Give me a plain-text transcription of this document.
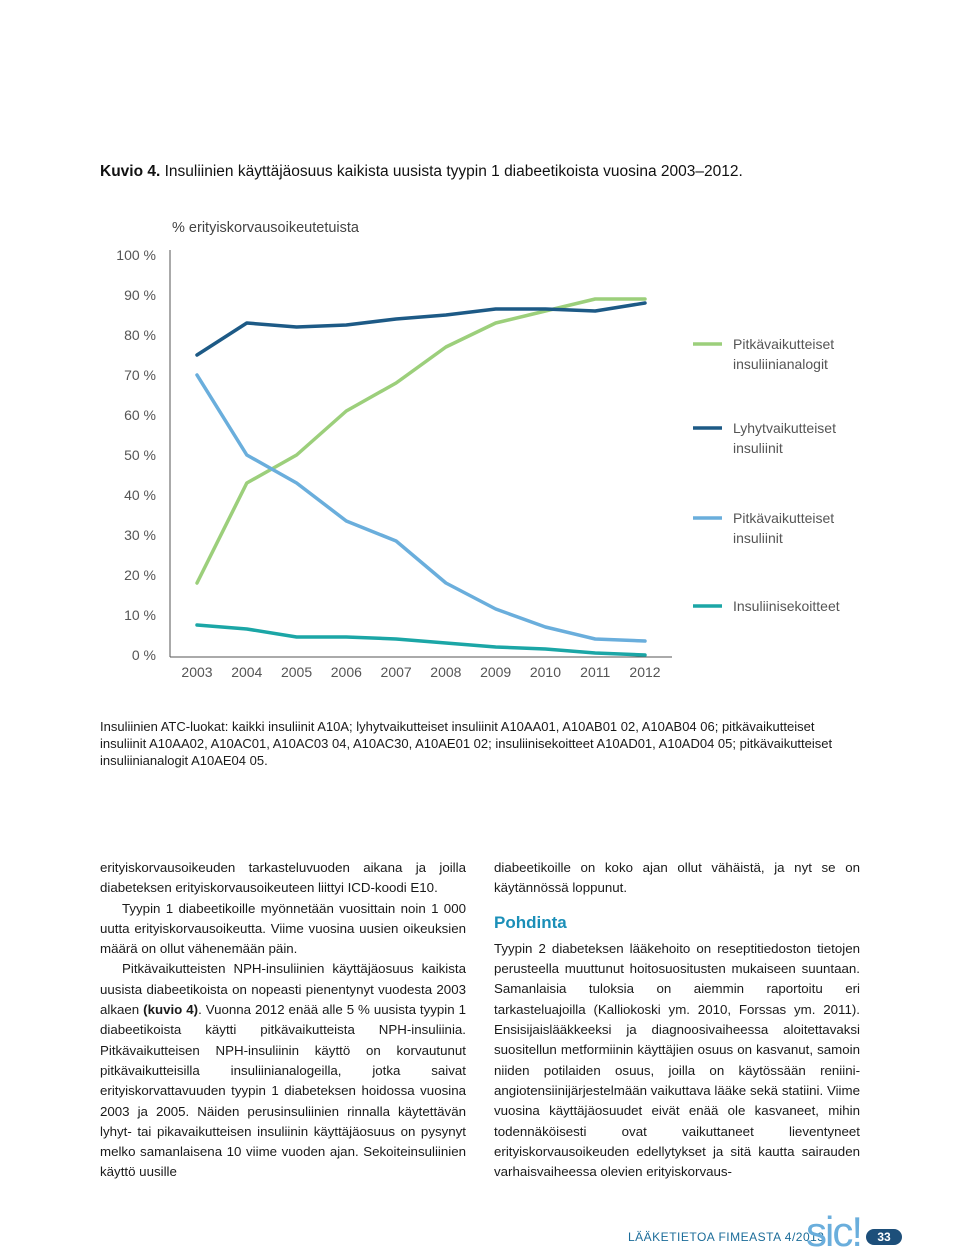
Kuvio 4. Insuliinien käyttäjäosuus kaikista uusista tyypin 1 diabeetikoista vuosina 2003–2012.
% erityiskorvausoikeutetuista
100 %
90 %
80 %
70 %
60 %
50 %
40 %
30 %
20 %
10 %
0 %
2003 2004 2005 2006 2007 2008 2009 2010 2011 2012
Pitkävaikutteiset insuliinianalogit
Lyhytvaikutteiset insuliinit
Pitkävaikutteiset insuliinit
Insuliinisekoitteet
Insuliinien ATC-luokat: kaikki insuliinit A10A; lyhytvaikutteiset insuliinit A10AA01, A10AB01 02, A10AB04 06; pitkävaikutteiset insuliinit A10AA02, A10AC01, A10AC03 04, A10AC30, A10AE01 02; insuliinisekoitteet A10AD01, A10AD04 05; pitkävaikutteiset insuliinianalogit A10AE04 05.

erityiskorvausoikeuden tarkasteluvuoden aikana ja joilla diabeteksen erityiskorvausoikeuteen liittyi ICD-koodi E10.

Tyypin 1 diabeetikoille myönnetään vuosittain noin 1 000 uutta erityiskorvausoikeutta. Viime vuosina uusien oikeuksien määrä on ollut vähenemään päin.

Pitkävaikutteisten NPH-insuliinien käyttäjäosuus kaikista uusista diabeetikoista on nopeasti pienentynyt vuodesta 2003 alkaen (kuvio 4). Vuonna 2012 enää alle 5 % uusista tyypin 1 diabeetikoista käytti pitkävaikutteista NPH-insuliinia. Pitkävaikutteisen NPH-insuliinin käyttö on korvautunut pitkävaikutteisilla insuliinianalogeilla, jotka saivat erityiskorvattavuuden tyypin 1 diabeteksen hoidossa vuosina 2003 ja 2005. Näiden perusinsuliinien rinnalla käytettävän lyhyt- tai pikavaikutteisen insuliinin käyttäjäosuus on pysynyt melko samanlaisena 10 viime vuoden ajan. Sekoiteinsuliinien käyttö uusille

diabeetikoille on koko ajan ollut vähäistä, ja nyt se on käytännössä loppunut.

Pohdinta

Tyypin 2 diabeteksen lääkehoito on reseptitiedoston tietojen perusteella muuttunut hoitosuositusten mukaiseen suuntaan. Samanlaisia tuloksia on aiemmin raportoitu eri tarkasteluajoilla (Kalliokoski ym. 2010, Forssas ym. 2011). Ensisijaislääkkeeksi ja diagnoosivaiheessa aloitettavaksi suositellun metformiinin käyttäjien osuus on kasvanut, samoin niiden potilaiden osuus, joilla on käytössään reniini-angiotensiinijärjestelmään vaikuttava lääke sekä statiini. Viime vuosina käyttäjäosuudet eivät enää ole kasvaneet, mihin todennäköisesti ovat vaikuttaneet lieventyneet erityiskorvausoikeuden edellytykset ja sitä kautta sairauden varhaisvaiheessa olevien erityiskorvaus-

LÄÄKETIETOA FIMEASTA 4/2013
sic!	33
